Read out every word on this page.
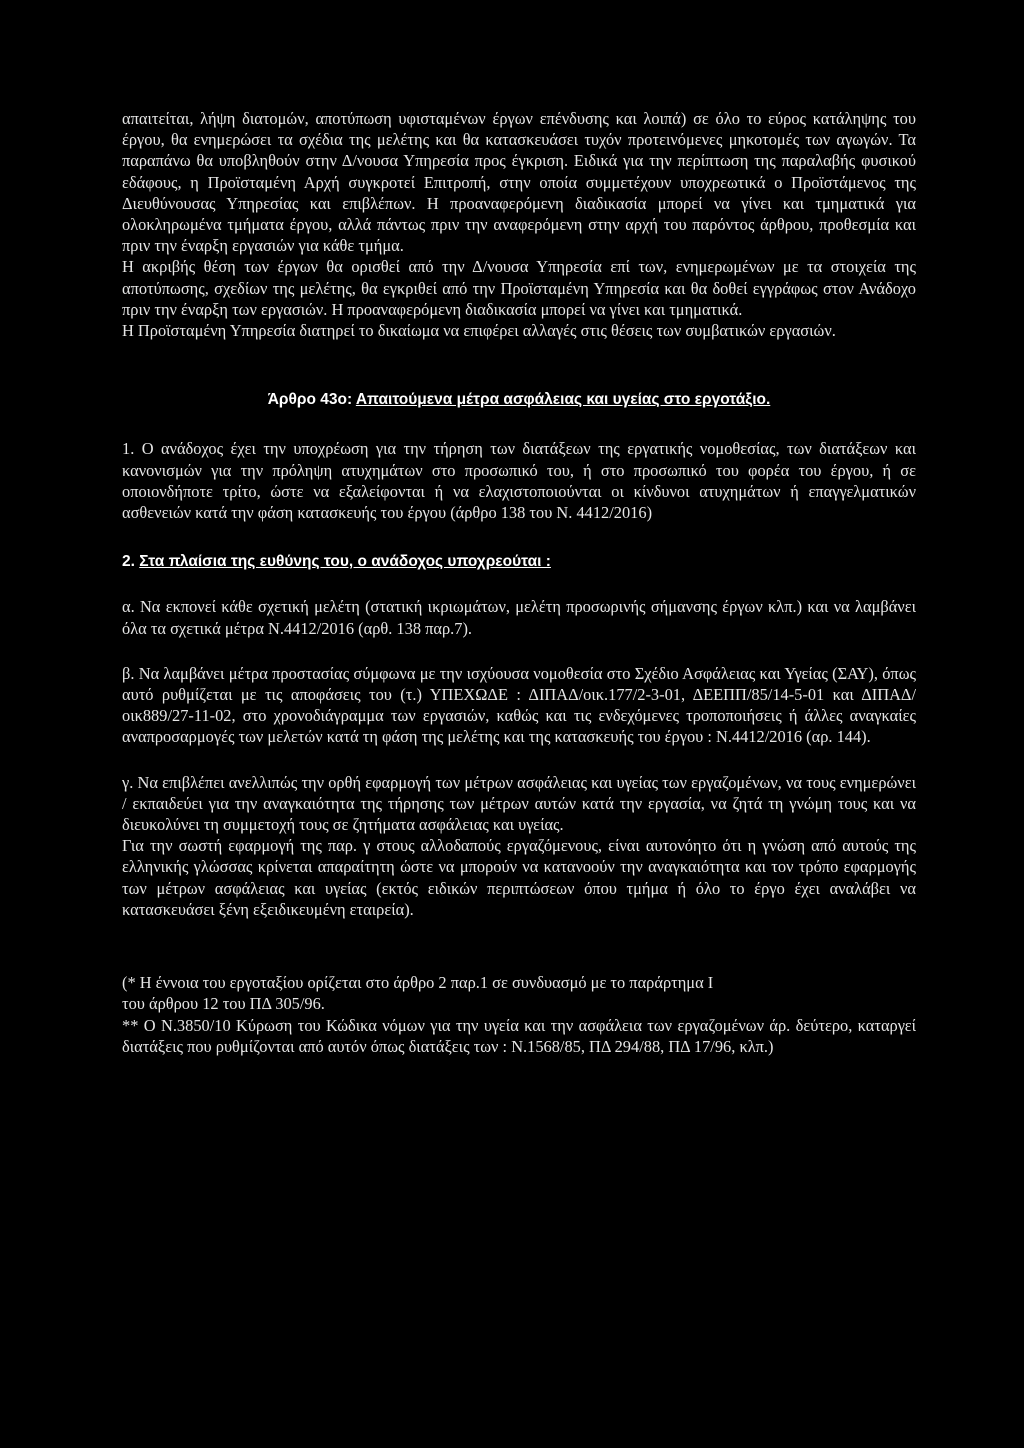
απαιτείται, λήψη διατομών, αποτύπωση υφισταμένων έργων επένδυσης και λοιπά) σε όλο το εύρος κατάληψης του έργου, θα ενημερώσει τα σχέδια της μελέτης και θα κατασκευάσει τυχόν προτεινόμενες μηκοτομές των αγωγών. Τα παραπάνω θα υποβληθούν στην Δ/νουσα Υπηρεσία προς έγκριση. Ειδικά για την περίπτωση της παραλαβής φυσικού εδάφους, η Προϊσταμένη Αρχή συγκροτεί Επιτροπή, στην οποία συμμετέχουν υποχρεωτικά ο Προϊστάμενος της Διευθύνουσας Υπηρεσίας και επιβλέπων. Η προαναφερόμενη διαδικασία μπορεί να γίνει και τμηματικά για ολοκληρωμένα τμήματα έργου, αλλά πάντως πριν την αναφερόμενη στην αρχή του παρόντος άρθρου, προθεσμία και πριν την έναρξη εργασιών για κάθε τμήμα.

Η ακριβής θέση των έργων θα ορισθεί από την Δ/νουσα Υπηρεσία επί των, ενημερωμένων με τα στοιχεία της αποτύπωσης, σχεδίων της μελέτης, θα εγκριθεί από την Προϊσταμένη Υπηρεσία και θα δοθεί εγγράφως στον Ανάδοχο πριν την έναρξη των εργασιών. Η προαναφερόμενη διαδικασία μπορεί να γίνει και τμηματικά.

Η Προϊσταμένη Υπηρεσία διατηρεί το δικαίωμα να επιφέρει αλλαγές στις θέσεις των συμβατικών εργασιών.

Άρθρο 43ο: Απαιτούμενα μέτρα ασφάλειας και υγείας στο εργοτάξιο.

1. Ο ανάδοχος έχει την υποχρέωση για την τήρηση των διατάξεων της εργατικής νομοθεσίας, των διατάξεων και κανονισμών για την πρόληψη ατυχημάτων στο προσωπικό του, ή στο προσωπικό του φορέα του έργου, ή σε οποιονδήποτε τρίτο, ώστε να εξαλείφονται ή να ελαχιστοποιούνται οι κίνδυνοι ατυχημάτων ή επαγγελματικών ασθενειών κατά την φάση κατασκευής του έργου (άρθρο 138 του Ν. 4412/2016)

2. Στα πλαίσια της ευθύνης του, ο ανάδοχος υποχρεούται :

α. Να εκπονεί κάθε σχετική μελέτη (στατική ικριωμάτων, μελέτη προσωρινής σήμανσης έργων κλπ.) και να λαμβάνει όλα τα σχετικά μέτρα Ν.4412/2016 (αρθ. 138 παρ.7).

β. Να λαμβάνει μέτρα προστασίας σύμφωνα με την ισχύουσα νομοθεσία στο Σχέδιο Ασφάλειας και Υγείας (ΣΑΥ), όπως αυτό ρυθμίζεται με τις αποφάσεις του (τ.) ΥΠΕΧΩΔΕ : ΔΙΠΑΔ/οικ.177/2-3-01, ΔΕΕΠΠ/85/14-5-01 και ΔΙΠΑΔ/οικ889/27-11-02, στο χρονοδιάγραμμα των εργασιών, καθώς και τις ενδεχόμενες τροποποιήσεις ή άλλες αναγκαίες αναπροσαρμογές των μελετών κατά τη φάση της μελέτης και της κατασκευής του έργου : Ν.4412/2016 (αρ. 144).

γ. Να επιβλέπει ανελλιπώς την ορθή εφαρμογή των μέτρων ασφάλειας και υγείας των εργαζομένων, να τους ενημερώνει / εκπαιδεύει για την αναγκαιότητα της τήρησης των μέτρων αυτών κατά την εργασία, να ζητά τη γνώμη τους και να διευκολύνει τη συμμετοχή τους σε ζητήματα ασφάλειας και υγείας.

Για την σωστή εφαρμογή της παρ. γ στους αλλοδαπούς εργαζόμενους, είναι αυτονόητο ότι η γνώση από αυτούς της ελληνικής γλώσσας κρίνεται απαραίτητη ώστε να μπορούν να κατανοούν την αναγκαιότητα και τον τρόπο εφαρμογής των μέτρων ασφάλειας και υγείας (εκτός ειδικών περιπτώσεων όπου τμήμα ή όλο το έργο έχει αναλάβει να κατασκευάσει ξένη εξειδικευμένη εταιρεία).

(* Η έννοια του εργοταξίου ορίζεται στο άρθρο 2 παρ.1 σε συνδυασμό με το παράρτημα Ι

του άρθρου 12 του ΠΔ 305/96.

** Ο Ν.3850/10 Κύρωση του Κώδικα νόμων για την υγεία και την ασφάλεια των εργαζομένων άρ. δεύτερο, καταργεί διατάξεις που ρυθμίζονται από αυτόν όπως διατάξεις των : Ν.1568/85, ΠΔ 294/88, ΠΔ 17/96, κλπ.)
